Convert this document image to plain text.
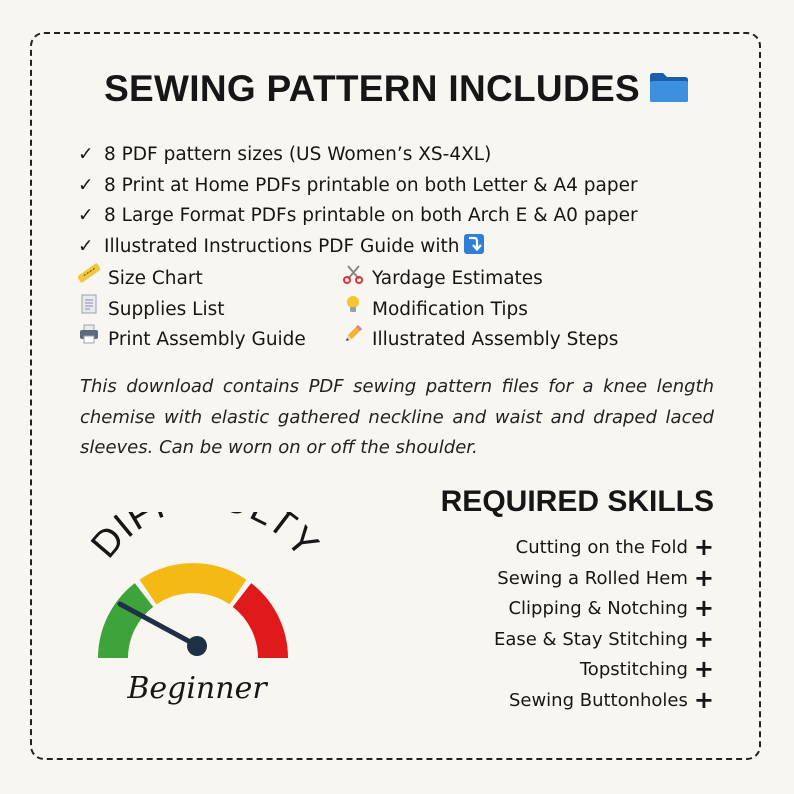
SEWING PATTERN INCLUDES
✓ 8 PDF pattern sizes (US Women’s XS-4XL)
✓ 8 Print at Home PDFs printable on both Letter & A4 paper
✓ 8 Large Format PDFs printable on both Arch E & A0 paper
✓ Illustrated Instructions PDF Guide with
Size Chart	Yardage Estimates
Supplies List	Modification Tips
Print Assembly Guide	Illustrated Assembly Steps
This download contains PDF sewing pattern files for a knee length chemise with elastic gathered neckline and waist and draped laced sleeves. Can be worn on or off the shoulder.
DIF T
Beginner
REQUIRED SKILLS
Cutting on the Fold +
Sewing a Rolled Hem +
Clipping & Notching +
Ease & Stay Stitching +
Topstitching +
Sewing Buttonholes +
